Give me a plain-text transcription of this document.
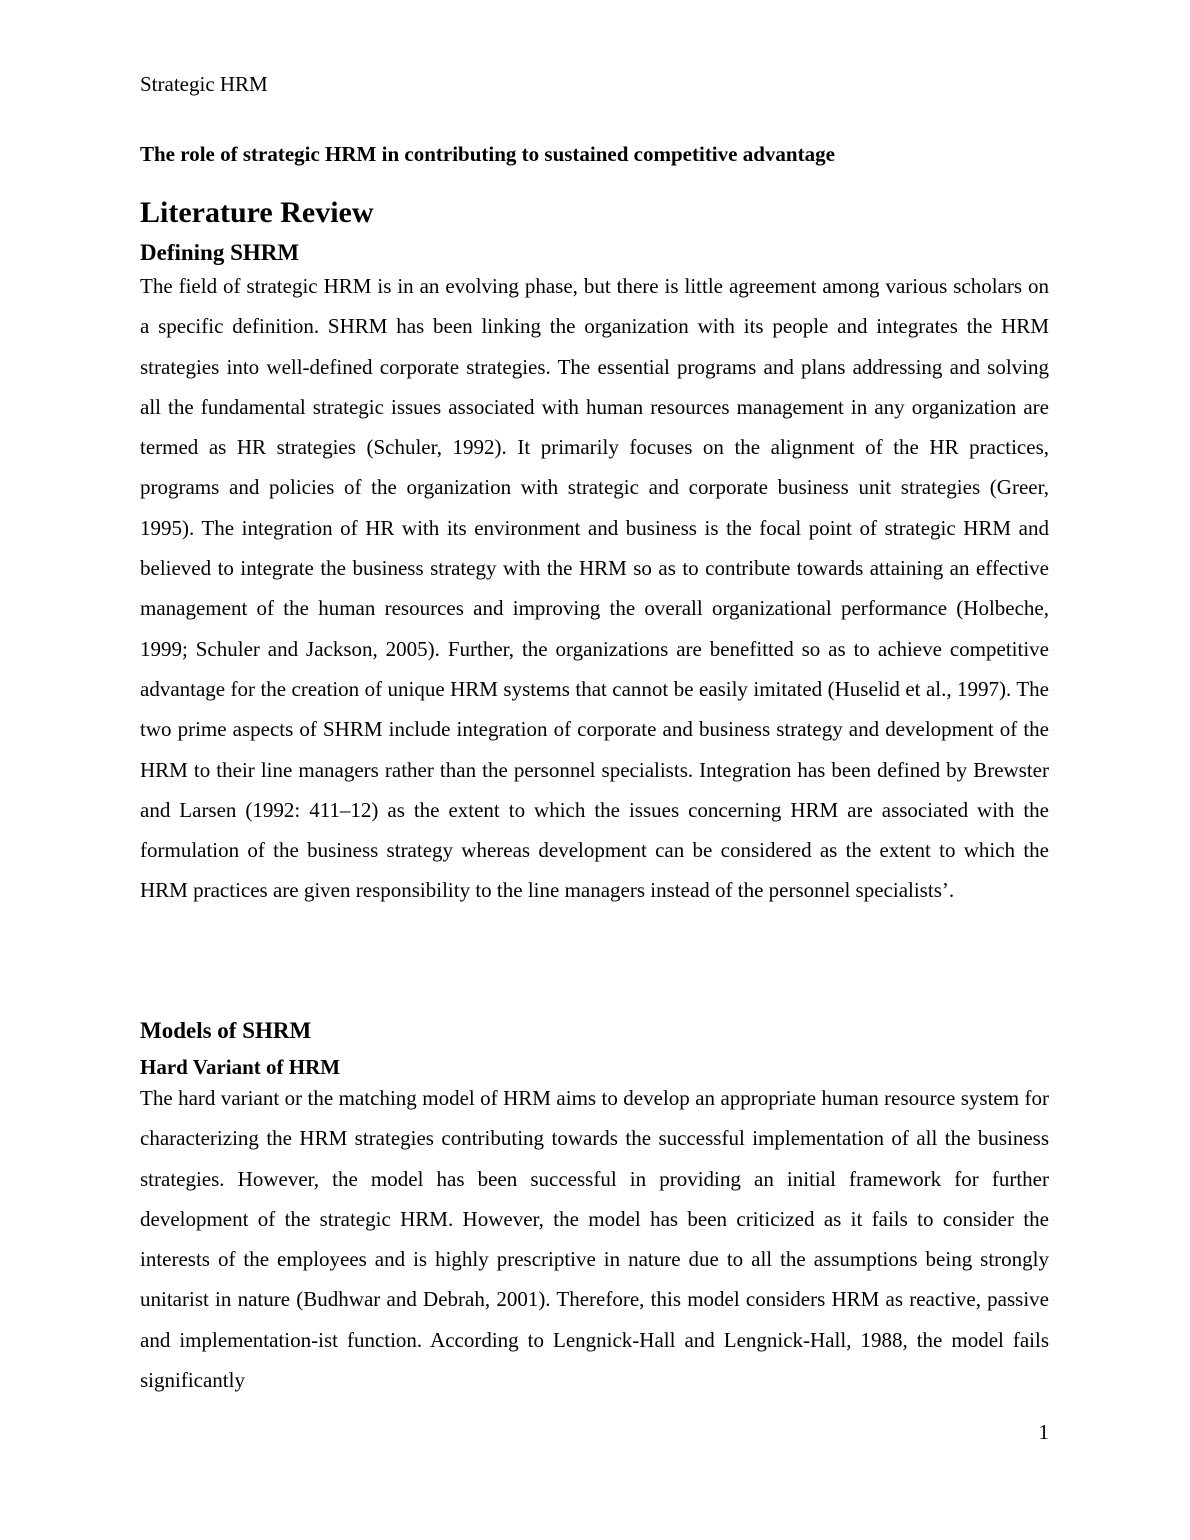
Strategic HRM

The role of strategic HRM in contributing to sustained competitive advantage

Literature Review
Defining SHRM

The field of strategic HRM is in an evolving phase, but there is little agreement among various scholars on a specific definition. SHRM has been linking the organization with its people and integrates the HRM strategies into well-defined corporate strategies. The essential programs and plans addressing and solving all the fundamental strategic issues associated with human resources management in any organization are termed as HR strategies (Schuler, 1992). It primarily focuses on the alignment of the HR practices, programs and policies of the organization with strategic and corporate business unit strategies (Greer, 1995). The integration of HR with its environment and business is the focal point of strategic HRM and believed to integrate the business strategy with the HRM so as to contribute towards attaining an effective management of the human resources and improving the overall organizational performance (Holbeche, 1999; Schuler and Jackson, 2005). Further, the organizations are benefitted so as to achieve competitive advantage for the creation of unique HRM systems that cannot be easily imitated (Huselid et al., 1997). The two prime aspects of SHRM include integration of corporate and business strategy and development of the HRM to their line managers rather than the personnel specialists. Integration has been defined by Brewster and Larsen (1992: 411–12) as the extent to which the issues concerning HRM are associated with the formulation of the business strategy whereas development can be considered as the extent to which the HRM practices are given responsibility to the line managers instead of the personnel specialists’.

Models of SHRM
Hard Variant of HRM

The hard variant or the matching model of HRM aims to develop an appropriate human resource system for characterizing the HRM strategies contributing towards the successful implementation of all the business strategies. However, the model has been successful in providing an initial framework for further development of the strategic HRM. However, the model has been criticized as it fails to consider the interests of the employees and is highly prescriptive in nature due to all the assumptions being strongly unitarist in nature (Budhwar and Debrah, 2001). Therefore, this model considers HRM as reactive, passive and implementation-ist function. According to Lengnick-Hall and Lengnick-Hall, 1988, the model fails significantly

1
